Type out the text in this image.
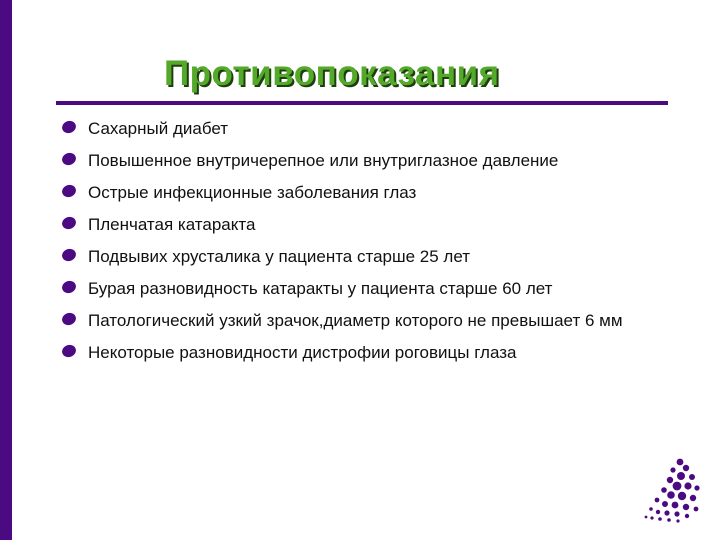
Противопоказания
Сахарный диабет
Повышенное внутричерепное или внутриглазное давление
Острые инфекционные заболевания глаз
Пленчатая катаракта
Подвывих хрусталика у пациента старше 25 лет
Бурая разновидность катаракты у пациента старше 60 лет
Патологический узкий зрачок,диаметр которого не превышает 6 мм
Некоторые разновидности дистрофии роговицы глаза
